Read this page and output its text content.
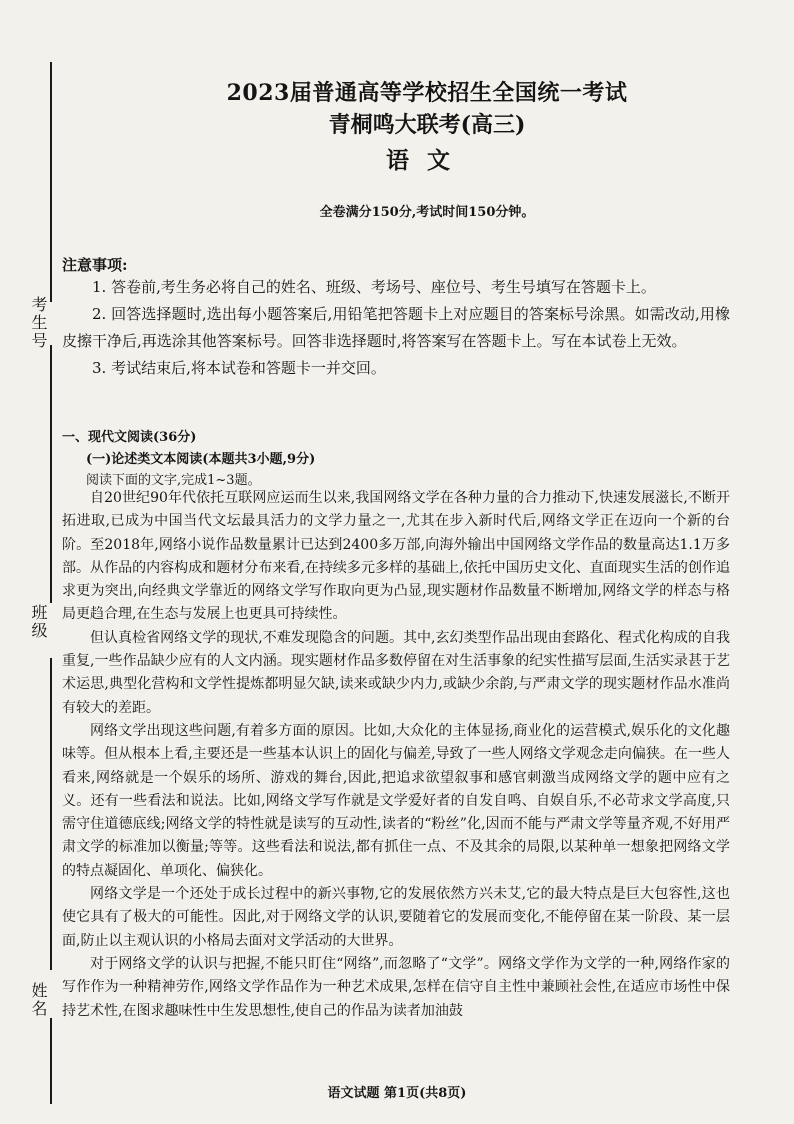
考生号
班级
姓名
2023届普通高等学校招生全国统一考试
青桐鸣大联考(高三)
语文
全卷满分150分,考试时间150分钟。
注意事项:

1. 答卷前,考生务必将自己的姓名、班级、考场号、座位号、考生号填写在答题卡上。

2. 回答选择题时,选出每小题答案后,用铅笔把答题卡上对应题目的答案标号涂黑。如需改动,用橡皮擦干净后,再选涂其他答案标号。回答非选择题时,将答案写在答题卡上。写在本试卷上无效。

3. 考试结束后,将本试卷和答题卡一并交回。

一、现代文阅读(36分)
(一)论述类文本阅读(本题共3小题,9分)
阅读下面的文字,完成1~3题。

自20世纪90年代依托互联网应运而生以来,我国网络文学在各种力量的合力推动下,快速发展滋长,不断开拓进取,已成为中国当代文坛最具活力的文学力量之一,尤其在步入新时代后,网络文学正在迈向一个新的台阶。至2018年,网络小说作品数量累计已达到2400多万部,向海外输出中国网络文学作品的数量高达1.1万多部。从作品的内容构成和题材分布来看,在持续多元多样的基础上,依托中国历史文化、直面现实生活的创作追求更为突出,向经典文学靠近的网络文学写作取向更为凸显,现实题材作品数量不断增加,网络文学的样态与格局更趋合理,在生态与发展上也更具可持续性。

但认真检省网络文学的现状,不难发现隐含的问题。其中,玄幻类型作品出现由套路化、程式化构成的自我重复,一些作品缺少应有的人文内涵。现实题材作品多数停留在对生活事象的纪实性描写层面,生活实录甚于艺术运思,典型化营构和文学性提炼都明显欠缺,读来或缺少内力,或缺少余韵,与严肃文学的现实题材作品水准尚有较大的差距。

网络文学出现这些问题,有着多方面的原因。比如,大众化的主体显扬,商业化的运营模式,娱乐化的文化趣味等。但从根本上看,主要还是一些基本认识上的固化与偏差,导致了一些人网络文学观念走向偏狭。在一些人看来,网络就是一个娱乐的场所、游戏的舞台,因此,把追求欲望叙事和感官刺激当成网络文学的题中应有之义。还有一些看法和说法。比如,网络文学写作就是文学爱好者的自发自鸣、自娱自乐,不必苛求文学高度,只需守住道德底线;网络文学的特性就是读写的互动性,读者的“粉丝”化,因而不能与严肃文学等量齐观,不好用严肃文学的标准加以衡量;等等。这些看法和说法,都有抓住一点、不及其余的局限,以某种单一想象把网络文学的特点凝固化、单项化、偏狭化。

网络文学是一个还处于成长过程中的新兴事物,它的发展依然方兴未艾,它的最大特点是巨大包容性,这也使它具有了极大的可能性。因此,对于网络文学的认识,要随着它的发展而变化,不能停留在某一阶段、某一层面,防止以主观认识的小格局去面对文学活动的大世界。

对于网络文学的认识与把握,不能只盯住“网络”,而忽略了“文学”。网络文学作为文学的一种,网络作家的写作作为一种精神劳作,网络文学作品作为一种艺术成果,怎样在信守自主性中兼顾社会性,在适应市场性中保持艺术性,在图求趣味性中生发思想性,使自己的作品为读者加油鼓

语文试题 第1页(共8页)
